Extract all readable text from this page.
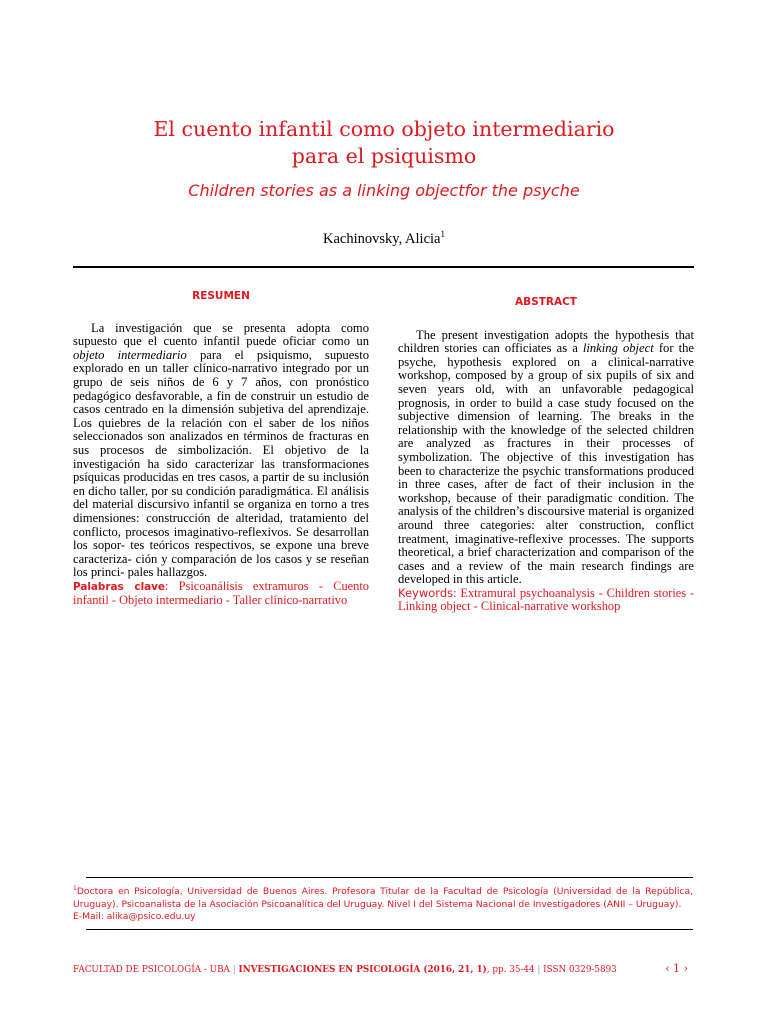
El cuento infantil como objeto intermediario
para el psiquismo
Children stories as a linking objectfor the psyche
Kachinovsky, Alicia$^1$
RESUMEN

La investigación que se presenta adopta como supuesto que el cuento infantil puede oficiar como un objeto intermediario para el psiquismo, supuesto explorado en un taller clínico-narrativo integrado por un grupo de seis niños de 6 y 7 años, con pronóstico pedagógico desfavorable, a fin de construir un estudio de casos centrado en la dimensión subjetiva del aprendizaje. Los quiebres de la relación con el saber de los niños seleccionados son analizados en términos de fracturas en sus procesos de simbolización. El objetivo de la investigación ha sido caracterizar las transformaciones psíquicas producidas en tres casos, a partir de su inclusión en dicho taller, por su condición paradigmática. El análisis del material discursivo infantil se organiza en torno a tres dimensiones: construcción de alteridad, tratamiento del conflicto, procesos imaginativo-reflexivos. Se desarrollan los sopor- tes teóricos respectivos, se expone una breve caracteriza- ción y comparación de los casos y se reseñan los princi- pales hallazgos.

Palabras clave: Psicoanálisis extramuros - Cuento infantil - Objeto intermediario - Taller clínico-narrativo

ABSTRACT

The present investigation adopts the hypothesis that children stories can officiates as a linking object for the psyche, hypothesis explored on a clinical-narrative workshop, composed by a group of six pupils of six and seven years old, with an unfavorable pedagogical prognosis, in order to build a case study focused on the subjective dimension of learning. The breaks in the relationship with the knowledge of the selected children are analyzed as fractures in their processes of symbolization. The objective of this investigation has been to characterize the psychic transformations produced in three cases, after de fact of their inclusion in the workshop, because of their paradigmatic condition. The analysis of the children’s discoursive material is organized around three categories: alter construction, conflict treatment, imaginative-reflexive processes. The supports theoretical, a brief characterization and comparison of the cases and a review of the main research findings are developed in this article.

Keywords: Extramural psychoanalysis - Children stories - Linking object - Clinical-narrative workshop

$^1$Doctora en Psicología, Universidad de Buenos Aires. Profesora Titular de la Facultad de Psicología (Universidad de la República, Uruguay). Psicoanalista de la Asociación Psicoanalítica del Uruguay. Nivel I del Sistema Nacional de Investigadores (ANII – Uruguay).
E-Mail: alika@psico.edu.uy
FACULTAD DE PSICOLOGÍA - UBA | INVESTIGACIONES EN PSICOLOGÍA (2016, 21, 1), pp. 35-44 | ISSN 0329-5893	‹ 1 ›
